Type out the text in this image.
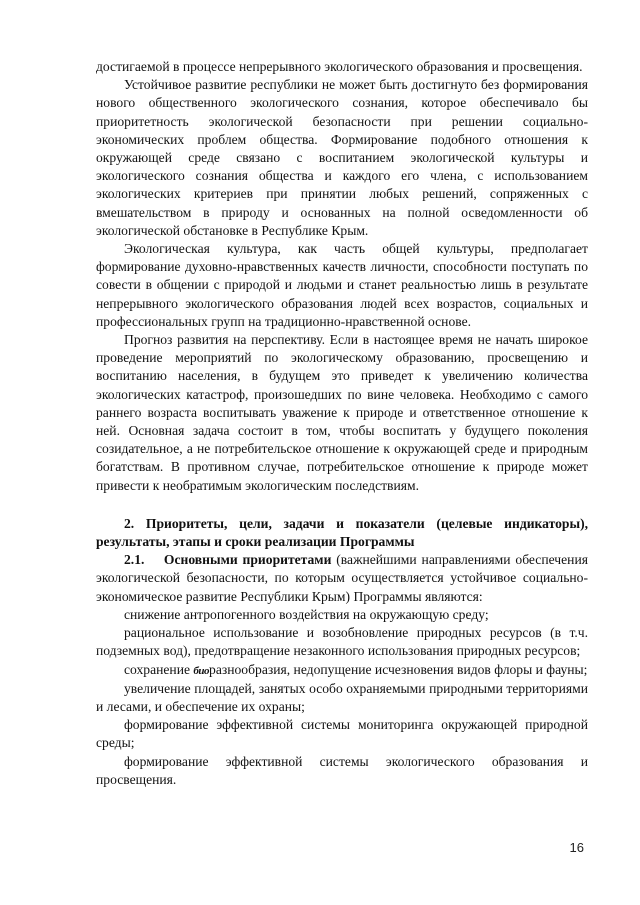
достигаемой в процессе непрерывного экологического образования и просвещения.

Устойчивое развитие республики не может быть достигнуто без формирования нового общественного экологического сознания, которое обеспечивало бы приоритетность экологической безопасности при решении социально-экономических проблем общества. Формирование подобного отношения к окружающей среде связано с воспитанием экологической культуры и экологического сознания общества и каждого его члена, с использованием экологических критериев при принятии любых решений, сопряженных с вмешательством в природу и основанных на полной осведомленности об экологической обстановке в Республике Крым.

Экологическая культура, как часть общей культуры, предполагает формирование духовно-нравственных качеств личности, способности поступать по совести в общении с природой и людьми и станет реальностью лишь в результате непрерывного экологического образования людей всех возрастов, социальных и профессиональных групп на традиционно-нравственной основе.

Прогноз развития на перспективу. Если в настоящее время не начать широкое проведение мероприятий по экологическому образованию, просвещению и воспитанию населения, в будущем это приведет к увеличению количества экологических катастроф, произошедших по вине человека. Необходимо с самого раннего возраста воспитывать уважение к природе и ответственное отношение к ней. Основная задача состоит в том, чтобы воспитать у будущего поколения созидательное, а не потребительское отношение к окружающей среде и природным богатствам. В противном случае, потребительское отношение к природе может привести к необратимым экологическим последствиям.

2. Приоритеты, цели, задачи и показатели (целевые индикаторы), результаты, этапы и сроки реализации Программы

2.1. Основными приоритетами (важнейшими направлениями обеспечения экологической безопасности, по которым осуществляется устойчивое социально-экономическое развитие Республики Крым) Программы являются:

снижение антропогенного воздействия на окружающую среду;

рациональное использование и возобновление природных ресурсов (в т.ч. подземных вод), предотвращение незаконного использования природных ресурсов;

сохранение биоразнообразия, недопущение исчезновения видов флоры и фауны;

увеличение площадей, занятых особо охраняемыми природными территориями и лесами, и обеспечение их охраны;

формирование эффективной системы мониторинга окружающей природной среды;

формирование эффективной системы экологического образования и просвещения.

16
